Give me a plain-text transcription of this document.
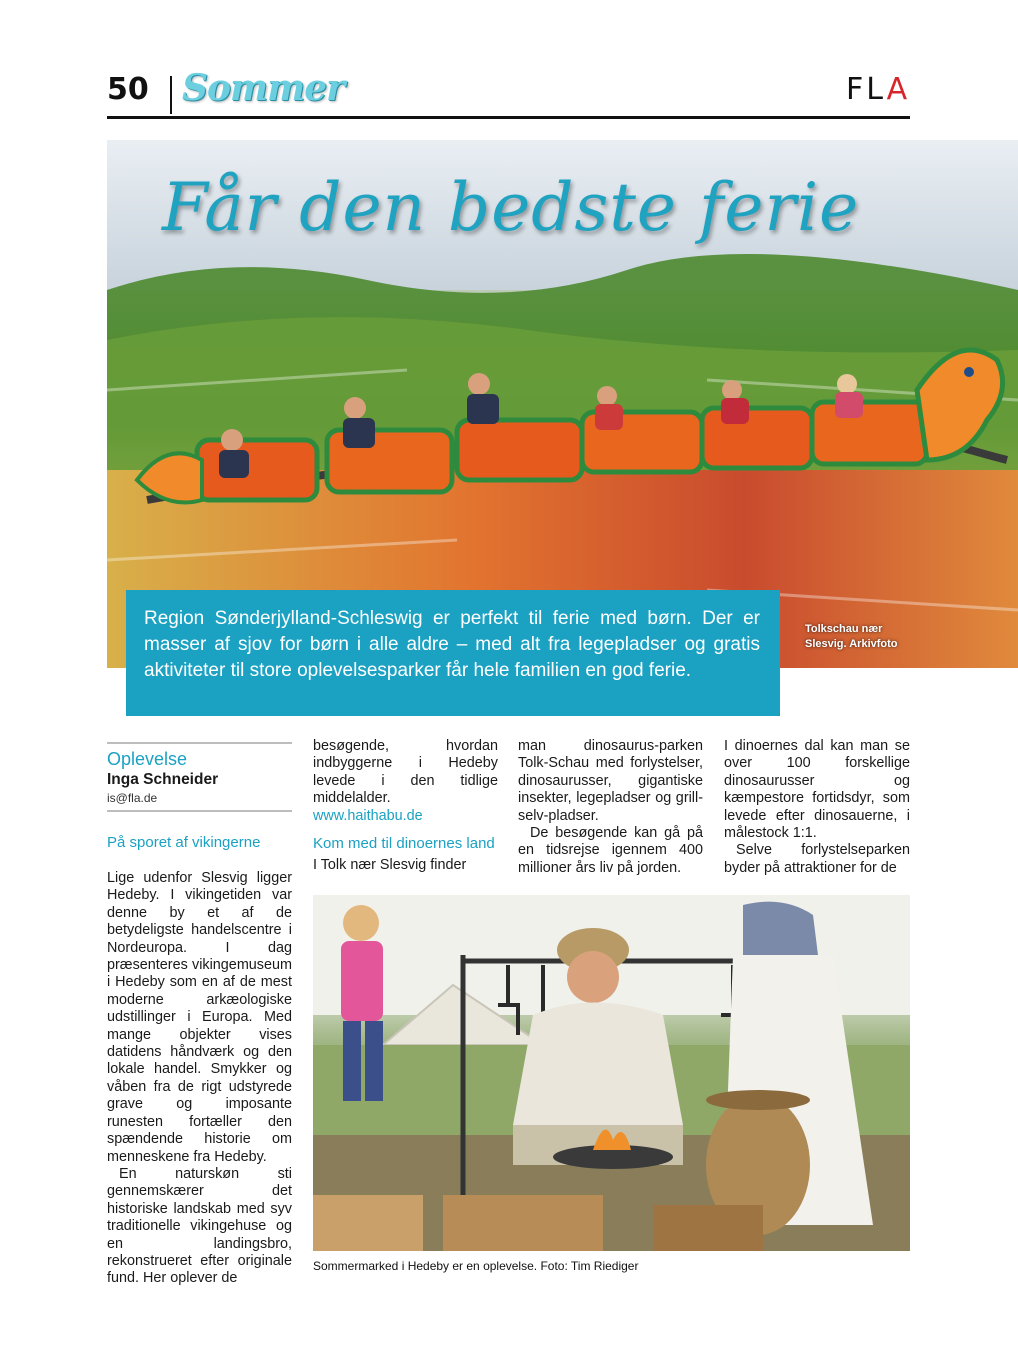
50 Sommer	FLA
Får den bedste ferie
Tolkschau nær Slesvig. Arkivfoto
Region Sønderjylland-Schleswig er perfekt til ferie med børn. Der er masser af sjov for børn i alle aldre – med alt fra legepladser og gratis aktiviteter til store oplevelsesparker får hele familien en god ferie.
Oplevelse
Inga Schneider
is@fla.de
På sporet af vikingerne

Lige udenfor Slesvig ligger Hedeby. I vikingetiden var denne by et af de betydeligste handelscentre i Nordeuropa. I dag præsenteres vikingemuseum i Hedeby som en af de mest moderne arkæologiske udstillinger i Europa. Med mange objekter vises datidens håndværk og den lokale handel. Smykker og våben fra de rigt udstyrede grave og imposante runesten fortæller den spændende historie om menneskene fra Hedeby.

En naturskøn sti gennemskærer det historiske landskab med syv traditionelle vikingehuse og en landingsbro, rekonstrueret efter originale fund. Her oplever de

besøgende, hvordan indbyggerne i Hedeby levede i den tidlige middelalder.

www.haithabu.de

Kom med til dinoernes land

I Tolk nær Slesvig finder

man dinosaurus-parken Tolk-Schau med forlystelser, dinosaurusser, gigantiske insekter, legepladser og grill-selv-pladser.

De besøgende kan gå på en tidsrejse igennem 400 millioner års liv på jorden.

I dinoernes dal kan man se over 100 forskellige dinosaurusser og kæmpestore fortidsdyr, som levede efter dinosauerne, i målestock 1:1.

Selve forlystelseparken byder på attraktioner for de

Sommermarked i Hedeby er en oplevelse. Foto: Tim Riediger
